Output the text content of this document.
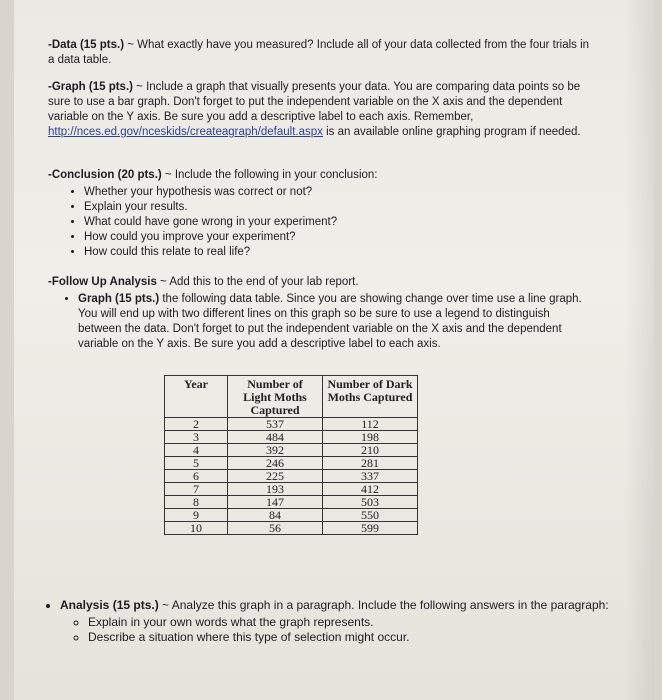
-Data (15 pts.) ~ What exactly have you measured? Include all of your data collected from the four trials in a data table.
-Graph (15 pts.) ~ Include a graph that visually presents your data. You are comparing data points so be sure to use a bar graph. Don't forget to put the independent variable on the X axis and the dependent variable on the Y axis. Be sure you add a descriptive label to each axis. Remember, http://nces.ed.gov/nceskids/createagraph/default.aspx is an available online graphing program if needed.
-Conclusion (20 pts.) ~ Include the following in your conclusion:
• Whether your hypothesis was correct or not?
• Explain your results.
• What could have gone wrong in your experiment?
• How could you improve your experiment?
• How could this relate to real life?
-Follow Up Analysis ~ Add this to the end of your lab report.
• Graph (15 pts.) the following data table. Since you are showing change over time use a line graph. You will end up with two different lines on this graph so be sure to use a legend to distinguish between the data. Don't forget to put the independent variable on the X axis and the dependent variable on the Y axis. Be sure you add a descriptive label to each axis.
Year	Number of Light Moths Captured	Number of Dark Moths Captured
2	537	112
3	484	198
4	392	210
5	246	281
6	225	337
7	193	412
8	147	503
9	84	550
10	56	599
• Analysis (15 pts.) ~ Analyze this graph in a paragraph. Include the following answers in the paragraph:
◦ Explain in your own words what the graph represents.
◦ Describe a situation where this type of selection might occur.
